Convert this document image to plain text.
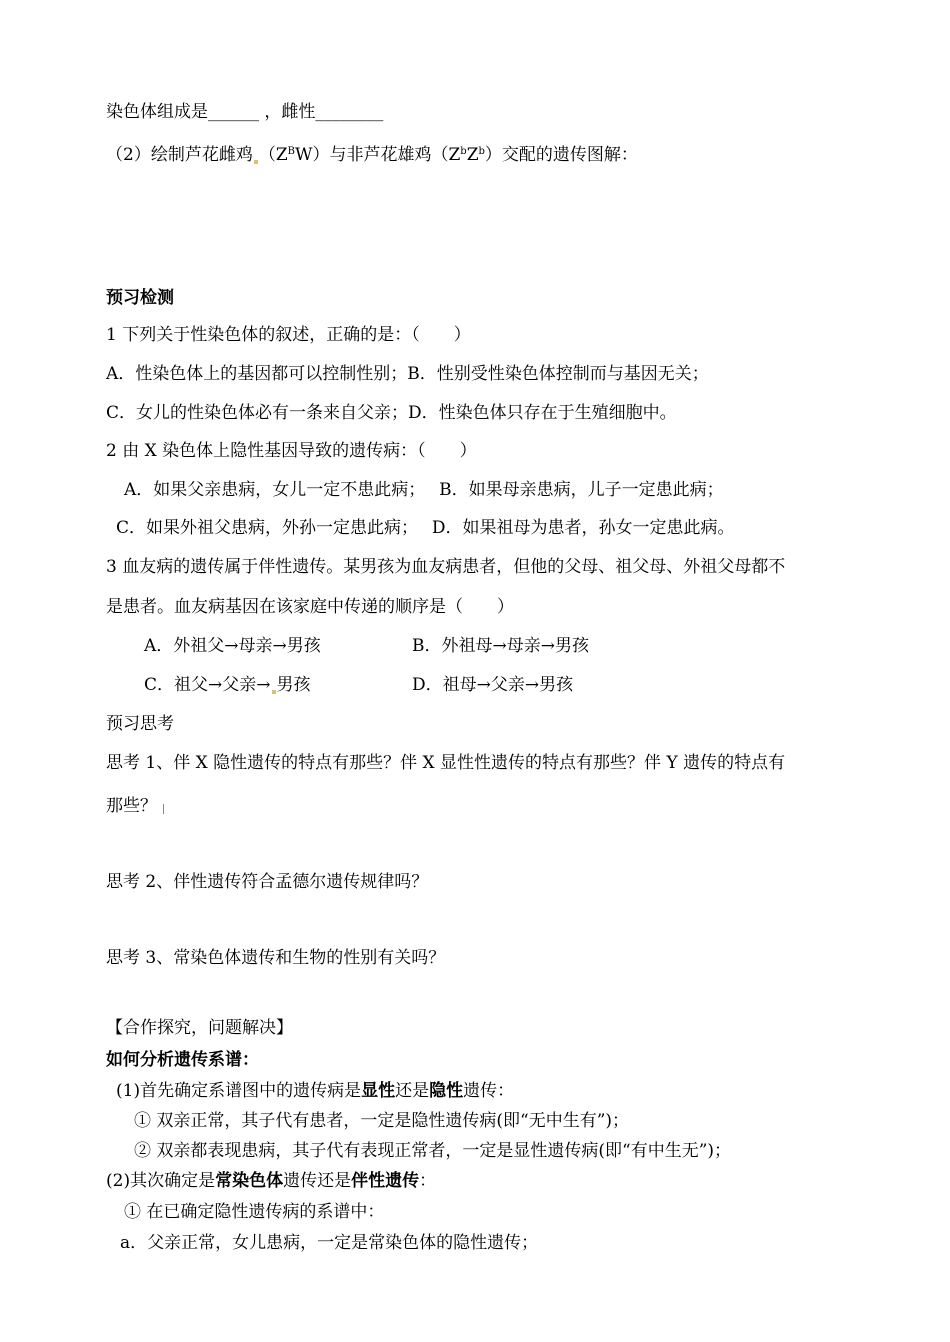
染色体组成是______ ，雌性________
（2）绘制芦花雌鸡 $(Z^BW)$与非芦花雄鸡$(Z^bZ^b)$交配的遗传图解：
预习检测
1 下列关于性染色体的叙述，正确的是：（　　）
A．性染色体上的基因都可以控制性别；B．性别受性染色体控制而与基因无关；
C．女儿的性染色体必有一条来自父亲；D．性染色体只存在于生殖细胞中。
2 由 X 染色体上隐性基因导致的遗传病：（　　）
A．如果父亲患病，女儿一定不患此病；　 B．如果母亲患病，儿子一定患此病；
C．如果外祖父患病，外孙一定患此病；　 D．如果祖母为患者，孙女一定患此病。
3 血友病的遗传属于伴性遗传。某男孩为血友病患者，但他的父母、祖父母、外祖父母都不
是患者。血友病基因在该家庭中传递的顺序是（　　）
A．外祖父→母亲→男孩	B．外祖母→母亲→男孩
C．祖父→父亲→ 男孩	D．祖母→父亲→男孩
预习思考
思考 1、伴 X 隐性遗传的特点有那些？伴 X 显性性遗传的特点有那些？伴 Y 遗传的特点有
那些？
思考 2、伴性遗传符合孟德尔遗传规律吗？
思考 3、常染色体遗传和生物的性别有关吗？
【合作探究，问题解决】
如何分析遗传系谱：
(1)首先确定系谱图中的遗传病是显性还是隐性遗传：
① 双亲正常，其子代有患者，一定是隐性遗传病(即“无中生有”)；
② 双亲都表现患病，其子代有表现正常者，一定是显性遗传病(即“有中生无”)；
(2)其次确定是常染色体遗传还是伴性遗传：
① 在已确定隐性遗传病的系谱中：
a．父亲正常，女儿患病，一定是常染色体的隐性遗传；
